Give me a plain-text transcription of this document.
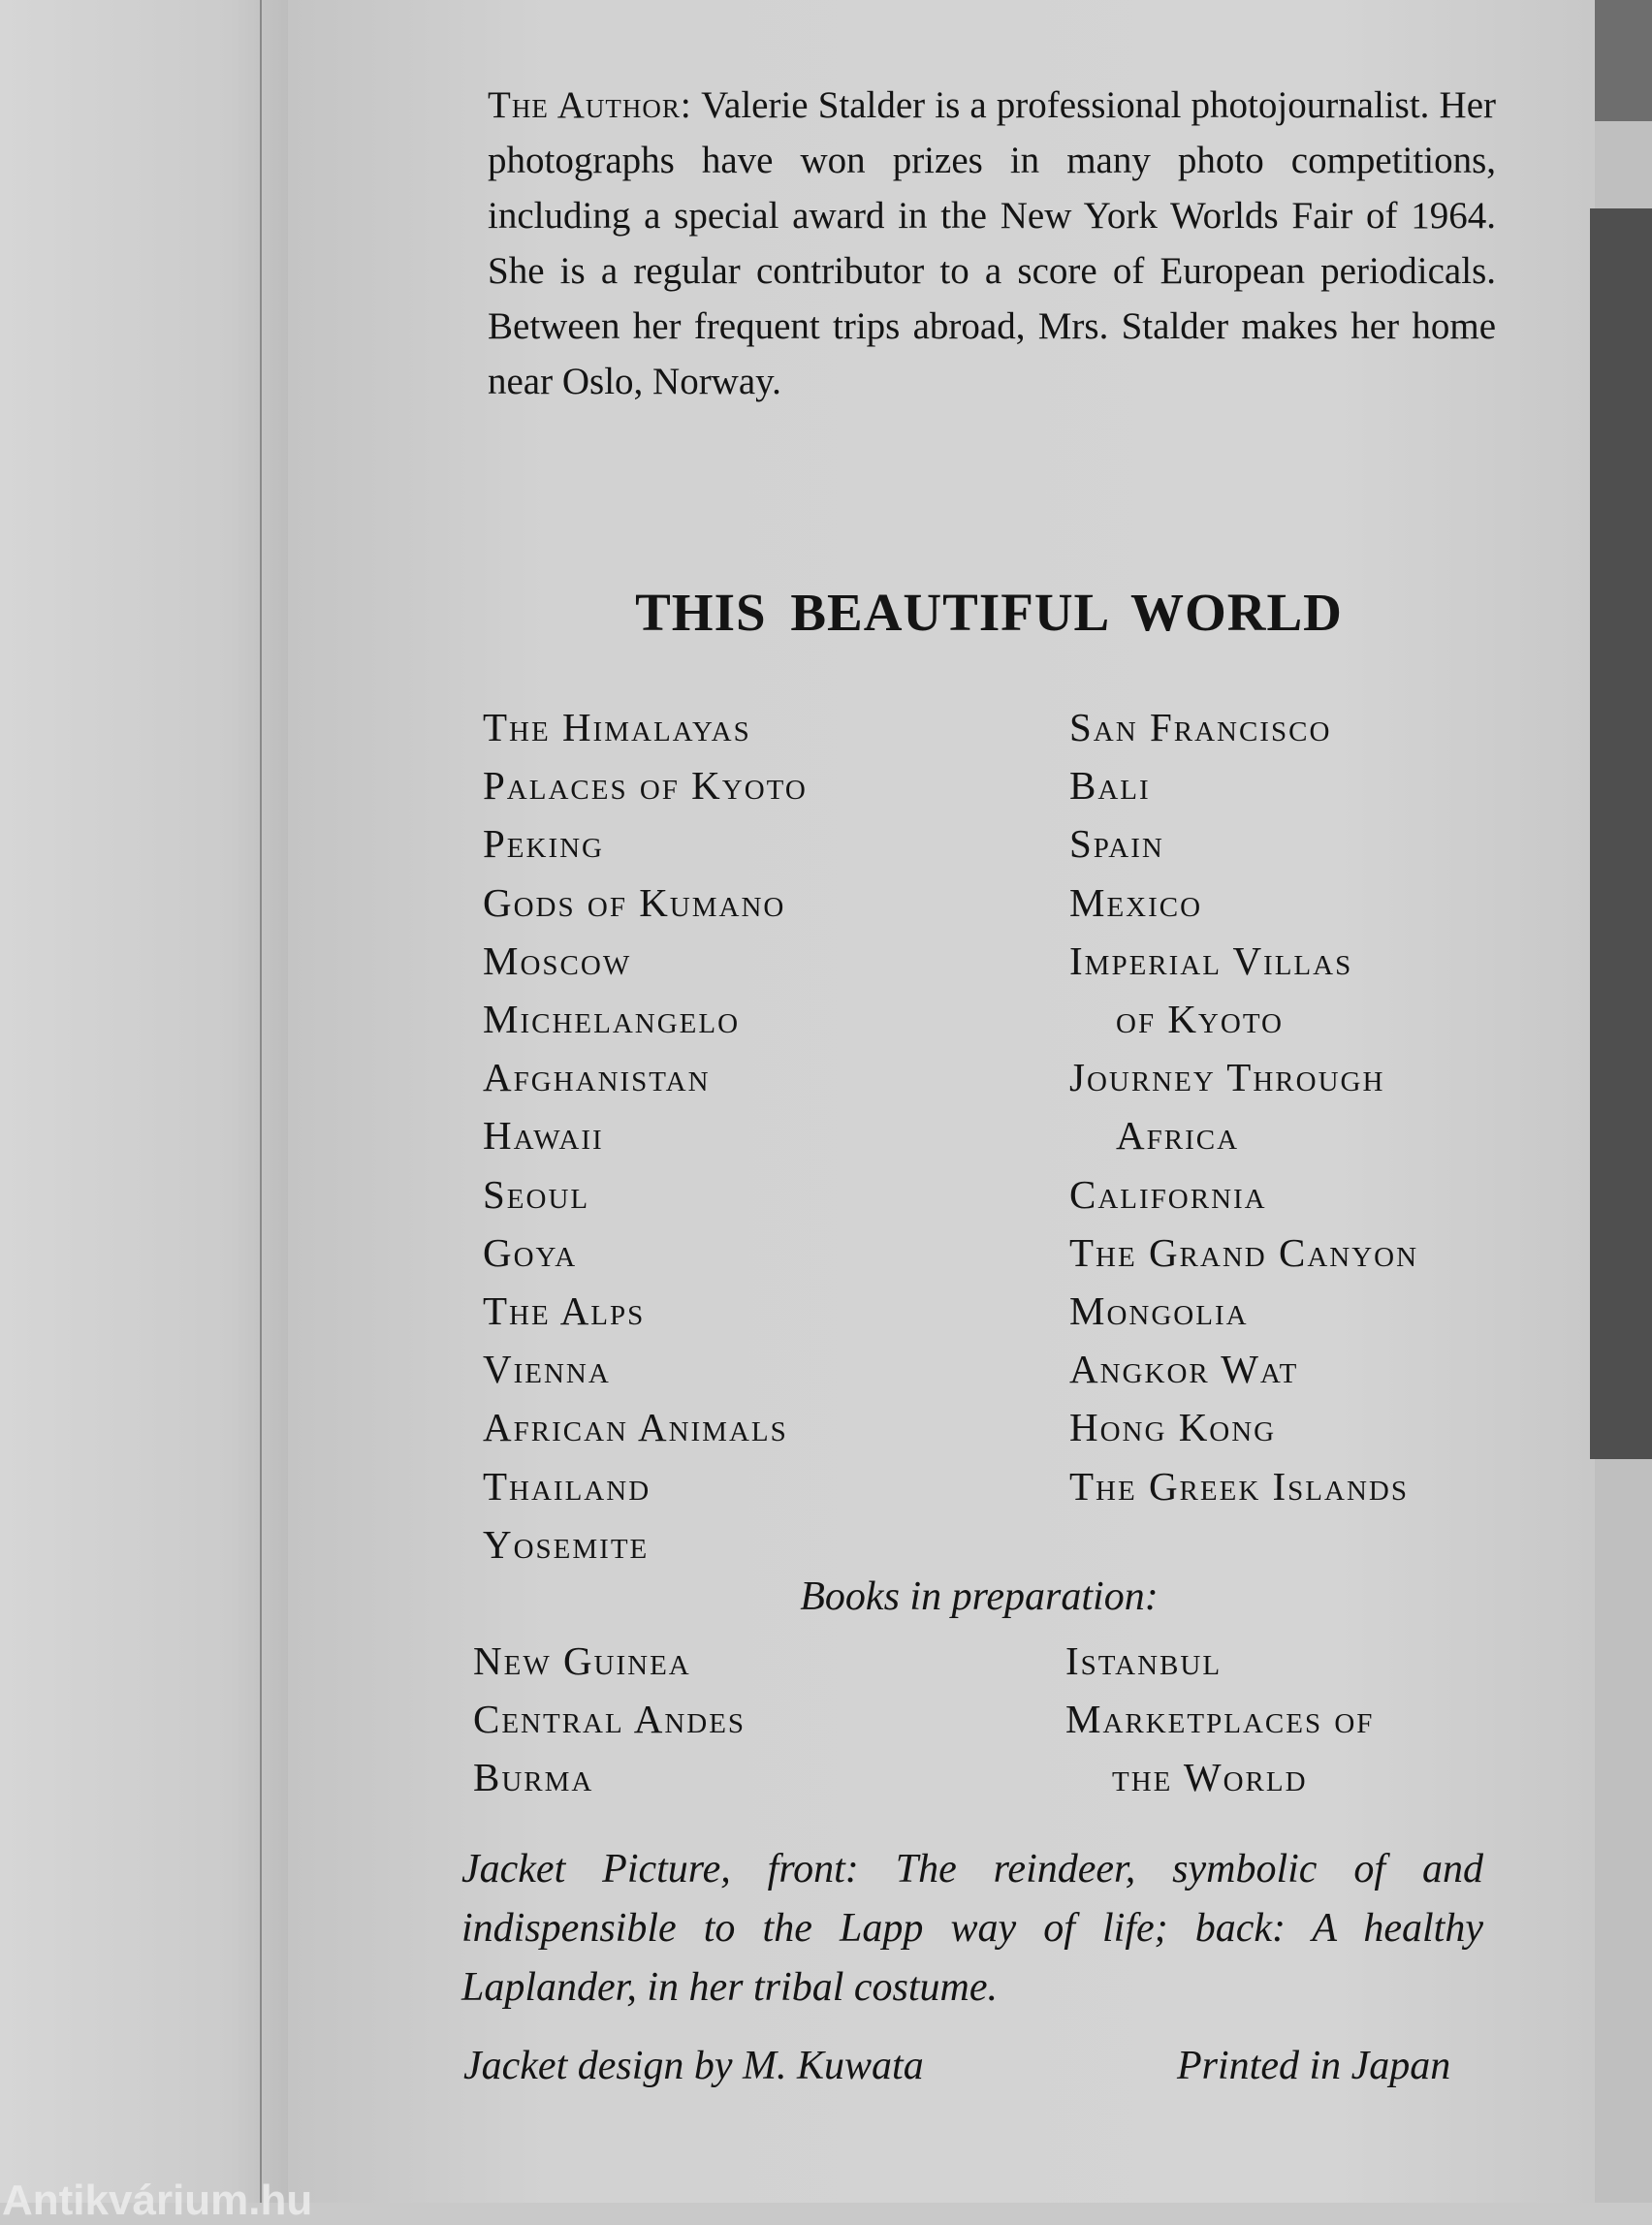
The Author: Valerie Stalder is a professional photojournalist. Her photographs have won prizes in many photo competitions, including a special award in the New York Worlds Fair of 1964. She is a regular contributor to a score of European periodicals. Between her frequent trips abroad, Mrs. Stalder makes her home near Oslo, Norway.

THIS BEAUTIFUL WORLD
The Himalayas
Palaces of Kyoto
Peking
Gods of Kumano
Moscow
Michelangelo
Afghanistan
Hawaii
Seoul
Goya
The Alps
Vienna
African Animals
Thailand
Yosemite
San Francisco
Bali
Spain
Mexico
Imperial Villas
of Kyoto
Journey Through
Africa
California
The Grand Canyon
Mongolia
Angkor Wat
Hong Kong
The Greek Islands
Books in preparation:
New Guinea
Central Andes
Burma
Istanbul
Marketplaces of
the World
Jacket Picture, front: The reindeer, symbolic of and indispensible to the Lapp way of life; back: A healthy Laplander, in her tribal costume.
Jacket design by M. Kuwata	Printed in Japan
Antikvárium.hu
